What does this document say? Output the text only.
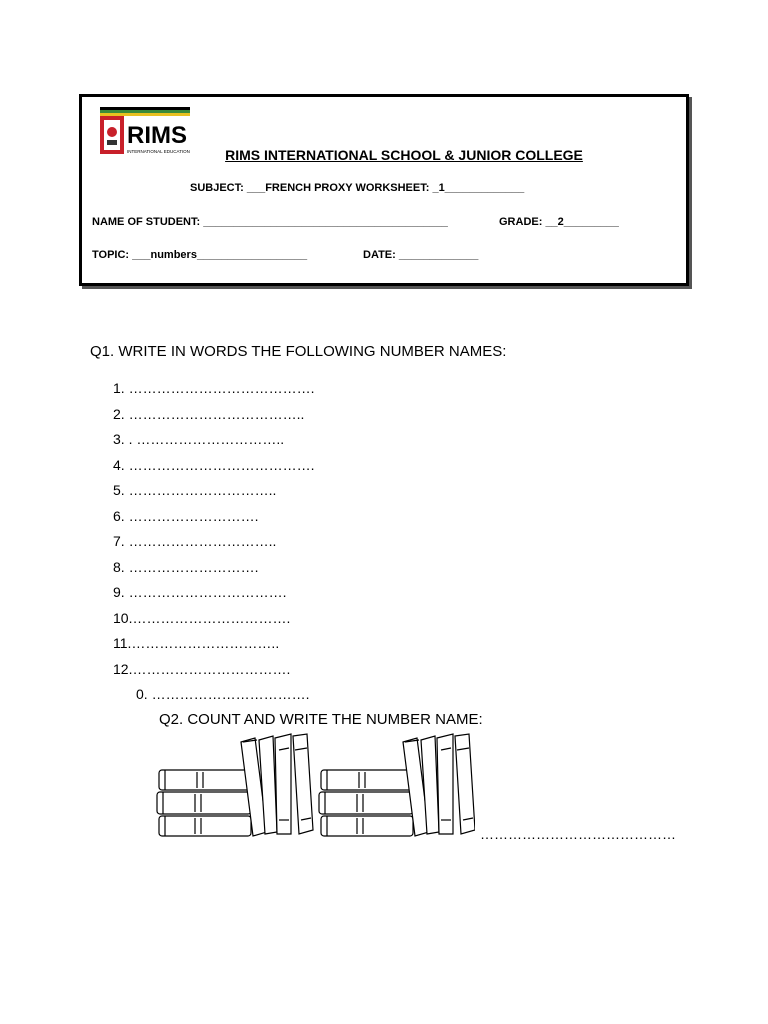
RIMS
INTERNATIONAL EDUCATION	RIMS INTERNATIONAL SCHOOL & JUNIOR COLLEGE
SUBJECT: ___FRENCH PROXY WORKSHEET: _1_____________
NAME OF STUDENT: ________________________________________	GRADE: __2_________
TOPIC: ___numbers__________________	DATE: _____________
Q1. WRITE IN WORDS THE FOLLOWING NUMBER NAMES:
1. ………………………………….
2. ………………………………..
3. . …………………………..
4. ………………………………….
5. …………………………..
6. ……………………….
7. …………………………..
8. ……………………….
9. …………………………….
10.…………………………….
11.…………………………..
12.…………………………….
0. …………………………….
Q2. COUNT AND WRITE THE NUMBER NAME:
……………………………………
